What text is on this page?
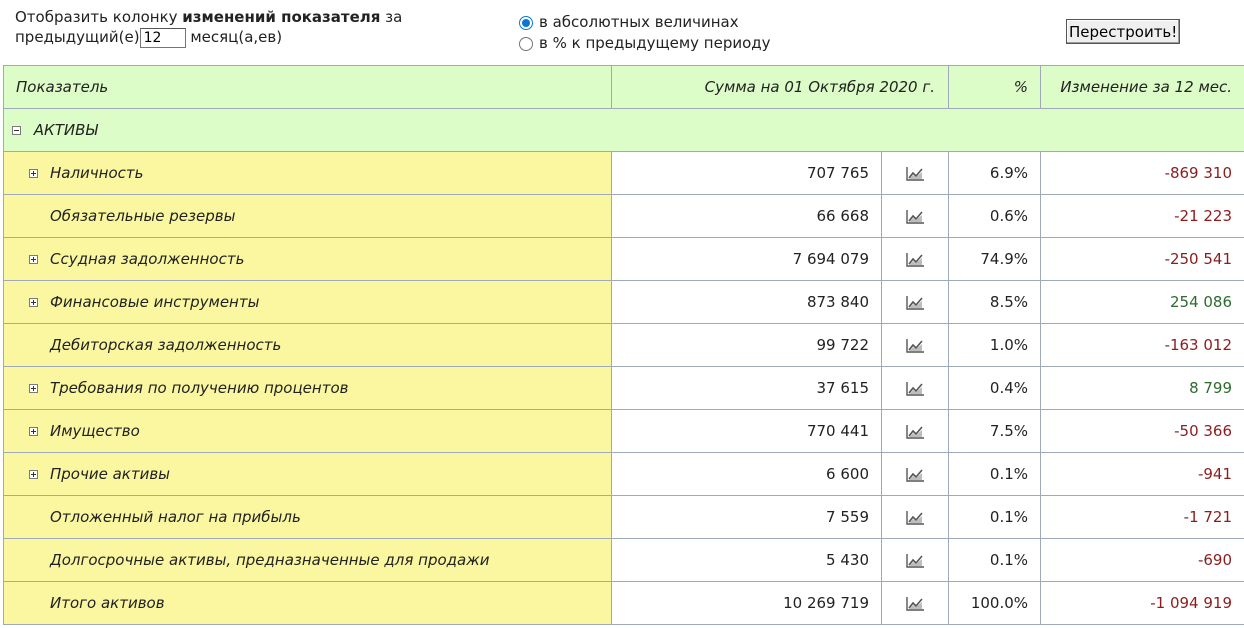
Отобразить колонку изменений показателя за
предыдущий(е)12	месяц(а,ев)
в абсолютных величинах
в % к предыдущему периоду
Перестроить!
Показатель	Сумма на 01 Октября 2020 г.		%	Изменение за 12 мес.
АКТИВЫ				

Наличность	707 765		6.9%	-869 310
Обязательные резервы	66 668		0.6%	-21 223

Ссудная задолженность	7 694 079		74.9%	-250 541

Финансовые инструменты	873 840		8.5%	254 086
Дебиторская задолженность	99 722		1.0%	-163 012

Требования по получению процентов	37 615		0.4%	8 799

Имущество	770 441		7.5%	-50 366

Прочие активы	6 600		0.1%	-941
Отложенный налог на прибыль	7 559		0.1%	-1 721
Долгосрочные активы, предназначенные для продажи	5 430		0.1%	-690
Итого активов	10 269 719		100.0%	-1 094 919
